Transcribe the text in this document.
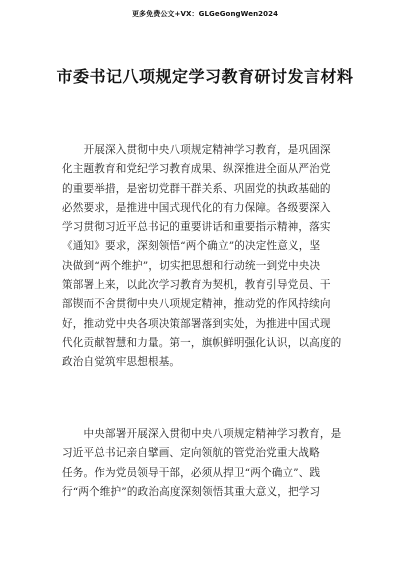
更多免费公文+VX：GLGeGongWen2024
市委书记八项规定学习教育研讨发言材料
　　开展深入贯彻中央八项规定精神学习教育，是巩固深
化主题教育和党纪学习教育成果、纵深推进全面从严治党
的重要举措，是密切党群干群关系、巩固党的执政基础的
必然要求，是推进中国式现代化的有力保障。各级要深入
学习贯彻习近平总书记的重要讲话和重要指示精神，落实
《通知》要求，深刻领悟“两个确立”的决定性意义，坚
决做到“两个维护”，切实把思想和行动统一到党中央决
策部署上来，以此次学习教育为契机，教育引导党员、干
部锲而不舍贯彻中央八项规定精神，推动党的作风持续向
好，推动党中央各项决策部署落到实处，为推进中国式现
代化贡献智慧和力量。第一，旗帜鲜明强化认识，以高度的
政治自觉筑牢思想根基。
　　中央部署开展深入贯彻中央八项规定精神学习教育，是
习近平总书记亲自擘画、定向领航的管党治党重大战略
任务。作为党员领导干部，必须从捍卫“两个确立”、践
行“两个维护”的政治高度深刻领悟其重大意义，把学习
